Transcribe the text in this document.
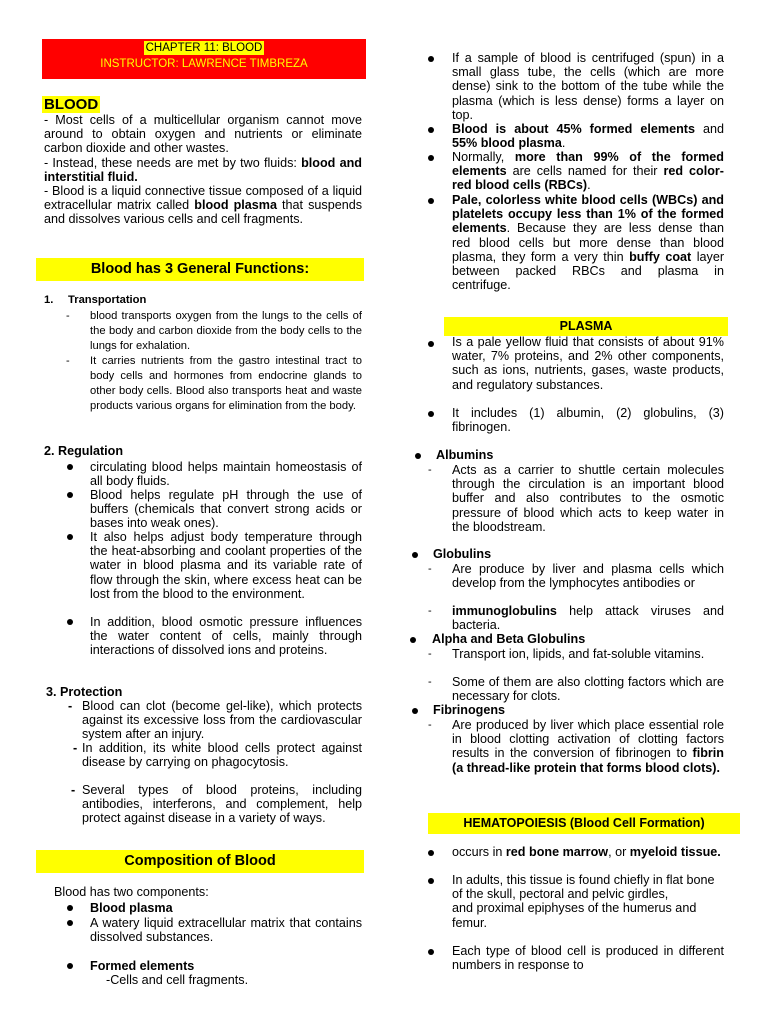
CHAPTER 11: BLOOD
INSTRUCTOR: LAWRENCE TIMBREZA
BLOOD
- Most cells of a multicellular organism cannot move around to obtain oxygen and nutrients or eliminate carbon dioxide and other wastes.
- Instead, these needs are met by two fluids: blood and interstitial fluid.
- Blood is a liquid connective tissue composed of a liquid extracellular matrix called blood plasma that suspends and dissolves various cells and cell fragments.
Blood has 3 General Functions:
1. Transportation
- blood transports oxygen from the lungs to the cells of the body and carbon dioxide from the body cells to the lungs for exhalation.
- It carries nutrients from the gastro intestinal tract to body cells and hormones from endocrine glands to other body cells. Blood also transports heat and waste products various organs for elimination from the body.
2. Regulation
circulating blood helps maintain homeostasis of all body fluids.
Blood helps regulate pH through the use of buffers (chemicals that convert strong acids or bases into weak ones).
It also helps adjust body temperature through the heat-absorbing and coolant properties of the water in blood plasma and its variable rate of flow through the skin, where excess heat can be lost from the blood to the environment.
In addition, blood osmotic pressure influences the water content of cells, mainly through interactions of dissolved ions and proteins.
3. Protection
- Blood can clot (become gel-like), which protects against its excessive loss from the cardiovascular system after an injury.
- In addition, its white blood cells protect against disease by carrying on phagocytosis.
- Several types of blood proteins, including antibodies, interferons, and complement, help protect against disease in a variety of ways.
Composition of Blood
Blood has two components:
Blood plasma
A watery liquid extracellular matrix that contains dissolved substances.
Formed elements
-Cells and cell fragments.
If a sample of blood is centrifuged (spun) in a small glass tube, the cells (which are more dense) sink to the bottom of the tube while the plasma (which is less dense) forms a layer on top.
Blood is about 45% formed elements and 55% blood plasma.
Normally, more than 99% of the formed elements are cells named for their red color-red blood cells (RBCs).
Pale, colorless white blood cells (WBCs) and platelets occupy less than 1% of the formed elements. Because they are less dense than red blood cells but more dense than blood plasma, they form a very thin buffy coat layer between packed RBCs and plasma in centrifuge.
PLASMA
Is a pale yellow fluid that consists of about 91% water, 7% proteins, and 2% other components, such as ions, nutrients, gases, waste products, and regulatory substances.
It includes (1) albumin, (2) globulins, (3) fibrinogen.
Albumins
- Acts as a carrier to shuttle certain molecules through the circulation is an important blood buffer and also contributes to the osmotic pressure of blood which acts to keep water in the bloodstream.
Globulins
- Are produce by liver and plasma cells which develop from the lymphocytes antibodies or
- immunoglobulins help attack viruses and bacteria.
Alpha and Beta Globulins
- Transport ion, lipids, and fat-soluble vitamins.
- Some of them are also clotting factors which are necessary for clots.
Fibrinogens
- Are produced by liver which place essential role in blood clotting activation of clotting factors results in the conversion of fibrinogen to fibrin (a thread-like protein that forms blood clots).
HEMATOPOIESIS (Blood Cell Formation)
occurs in red bone marrow, or myeloid tissue.
In adults, this tissue is found chiefly in flat bone of the skull, pectoral and pelvic girdles,
and proximal epiphyses of the humerus and femur.
Each type of blood cell is produced in different numbers in response to
